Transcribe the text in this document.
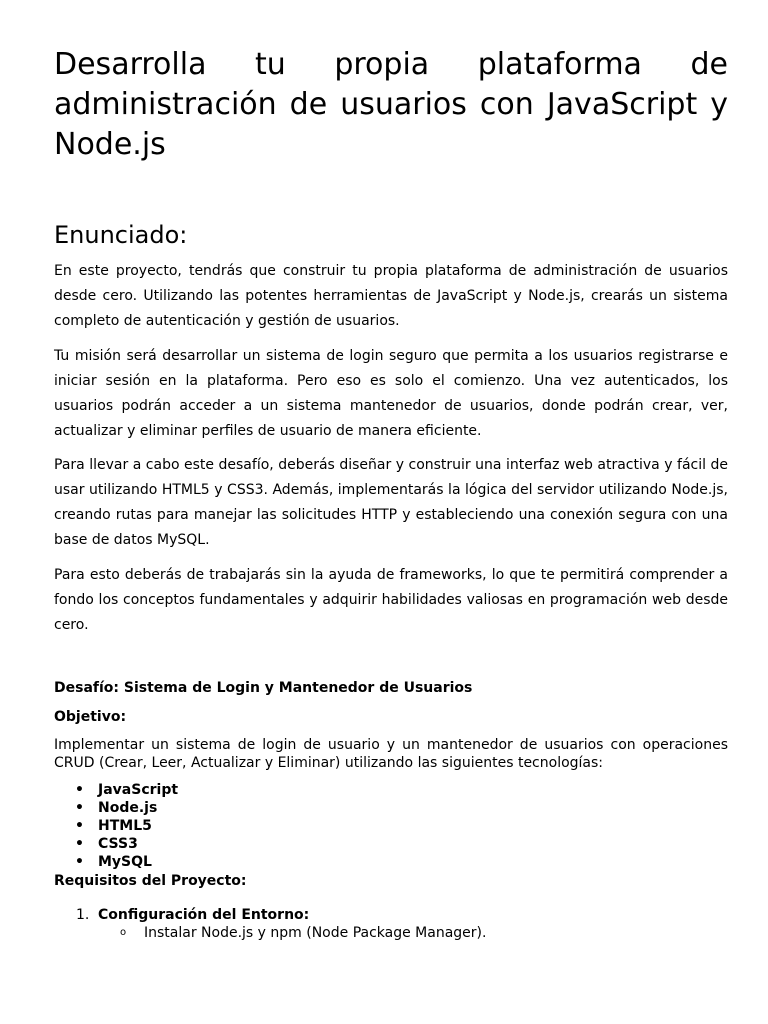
Desarrolla tu propia plataforma de administración de usuarios con JavaScript y Node.js
Enunciado:

En este proyecto, tendrás que construir tu propia plataforma de administración de usuarios desde cero. Utilizando las potentes herramientas de JavaScript y Node.js, crearás un sistema completo de autenticación y gestión de usuarios.

Tu misión será desarrollar un sistema de login seguro que permita a los usuarios registrarse e iniciar sesión en la plataforma. Pero eso es solo el comienzo. Una vez autenticados, los usuarios podrán acceder a un sistema mantenedor de usuarios, donde podrán crear, ver, actualizar y eliminar perfiles de usuario de manera eficiente.

Para llevar a cabo este desafío, deberás diseñar y construir una interfaz web atractiva y fácil de usar utilizando HTML5 y CSS3. Además, implementarás la lógica del servidor utilizando Node.js, creando rutas para manejar las solicitudes HTTP y estableciendo una conexión segura con una base de datos MySQL.

Para esto deberás de trabajarás sin la ayuda de frameworks, lo que te permitirá comprender a fondo los conceptos fundamentales y adquirir habilidades valiosas en programación web desde cero.

Desafío: Sistema de Login y Mantenedor de Usuarios

Objetivo:

Implementar un sistema de login de usuario y un mantenedor de usuarios con operaciones CRUD (Crear, Leer, Actualizar y Eliminar) utilizando las siguientes tecnologías:

• JavaScript
• Node.js
• HTML5
• CSS3
• MySQL

Requisitos del Proyecto:

1. Configuración del Entorno:
o Instalar Node.js y npm (Node Package Manager).
